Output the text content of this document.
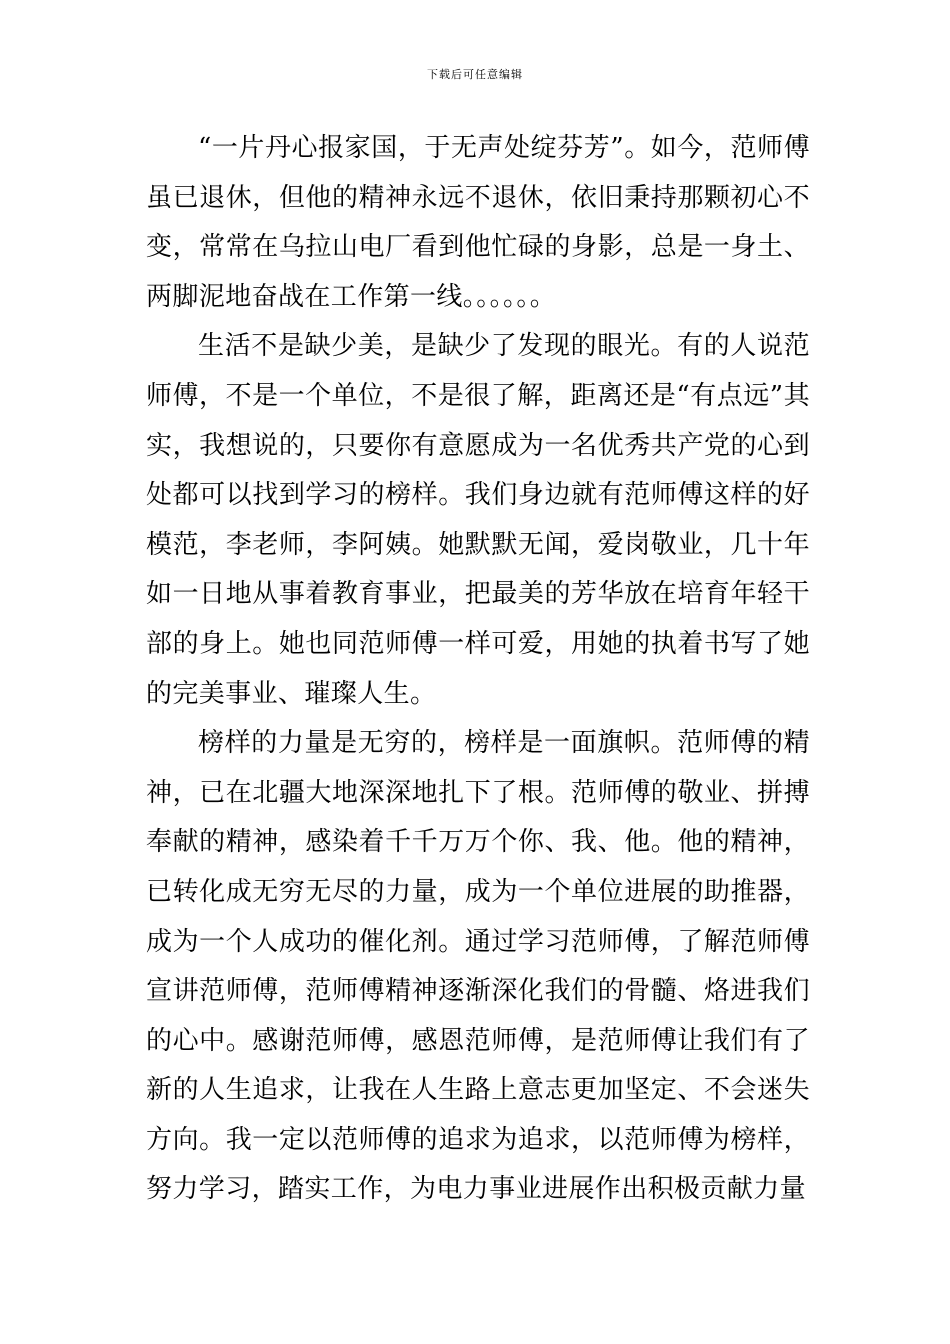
下载后可任意编辑

“一片丹心报家国，于无声处绽芬芳”。如今，范师傅虽已退休，但他的精神永远不退休，依旧秉持那颗初心不变，常常在乌拉山电厂看到他忙碌的身影，总是一身土、两脚泥地奋战在工作第一线。。。。。。

生活不是缺少美，是缺少了发现的眼光。有的人说范师傅，不是一个单位，不是很了解，距离还是“有点远”其实，我想说的，只要你有意愿成为一名优秀共产党的心到处都可以找到学习的榜样。我们身边就有范师傅这样的好模范，李老师，李阿姨。她默默无闻，爱岗敬业，几十年如一日地从事着教育事业，把最美的芳华放在培育年轻干部的身上。她也同范师傅一样可爱，用她的执着书写了她的完美事业、璀璨人生。

榜样的力量是无穷的，榜样是一面旗帜。范师傅的精神，已在北疆大地深深地扎下了根。范师傅的敬业、拼搏奉献的精神，感染着千千万万个你、我、他。他的精神，已转化成无穷无尽的力量，成为一个单位进展的助推器，成为一个人成功的催化剂。通过学习范师傅，了解范师傅宣讲范师傅，范师傅精神逐渐深化我们的骨髓、烙进我们的心中。感谢范师傅，感恩范师傅，是范师傅让我们有了新的人生追求，让我在人生路上意志更加坚定、不会迷失方向。我一定以范师傅的追求为追求，以范师傅为榜样，努力学习，踏实工作，为电力事业进展作出积极贡献力量
